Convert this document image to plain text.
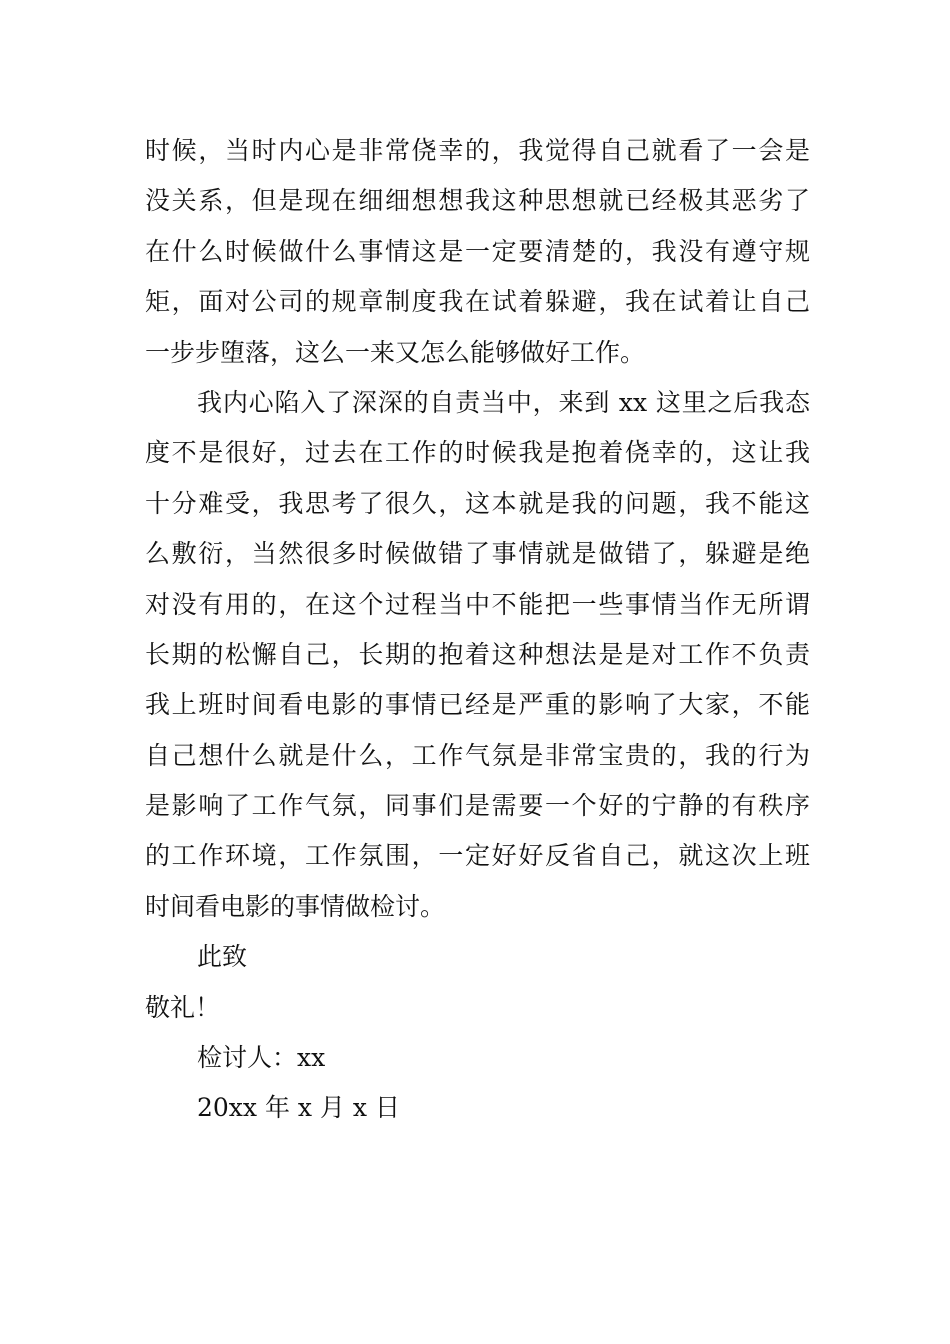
时候，当时内心是非常侥幸的，我觉得自己就看了一会是
没关系，但是现在细细想想我这种思想就已经极其恶劣了
在什么时候做什么事情这是一定要清楚的，我没有遵守规
矩，面对公司的规章制度我在试着躲避，我在试着让自己
一步步堕落，这么一来又怎么能够做好工作。
我内心陷入了深深的自责当中，来到 xx 这里之后我态
度不是很好，过去在工作的时候我是抱着侥幸的，这让我
十分难受，我思考了很久，这本就是我的问题，我不能这
么敷衍，当然很多时候做错了事情就是做错了，躲避是绝
对没有用的，在这个过程当中不能把一些事情当作无所谓
长期的松懈自己，长期的抱着这种想法是是对工作不负责
我上班时间看电影的事情已经是严重的影响了大家，不能
自己想什么就是什么，工作气氛是非常宝贵的，我的行为
是影响了工作气氛，同事们是需要一个好的宁静的有秩序
的工作环境，工作氛围，一定好好反省自己，就这次上班
时间看电影的事情做检讨。
此致
敬礼！
检讨人：xx
20xx 年 x 月 x 日
